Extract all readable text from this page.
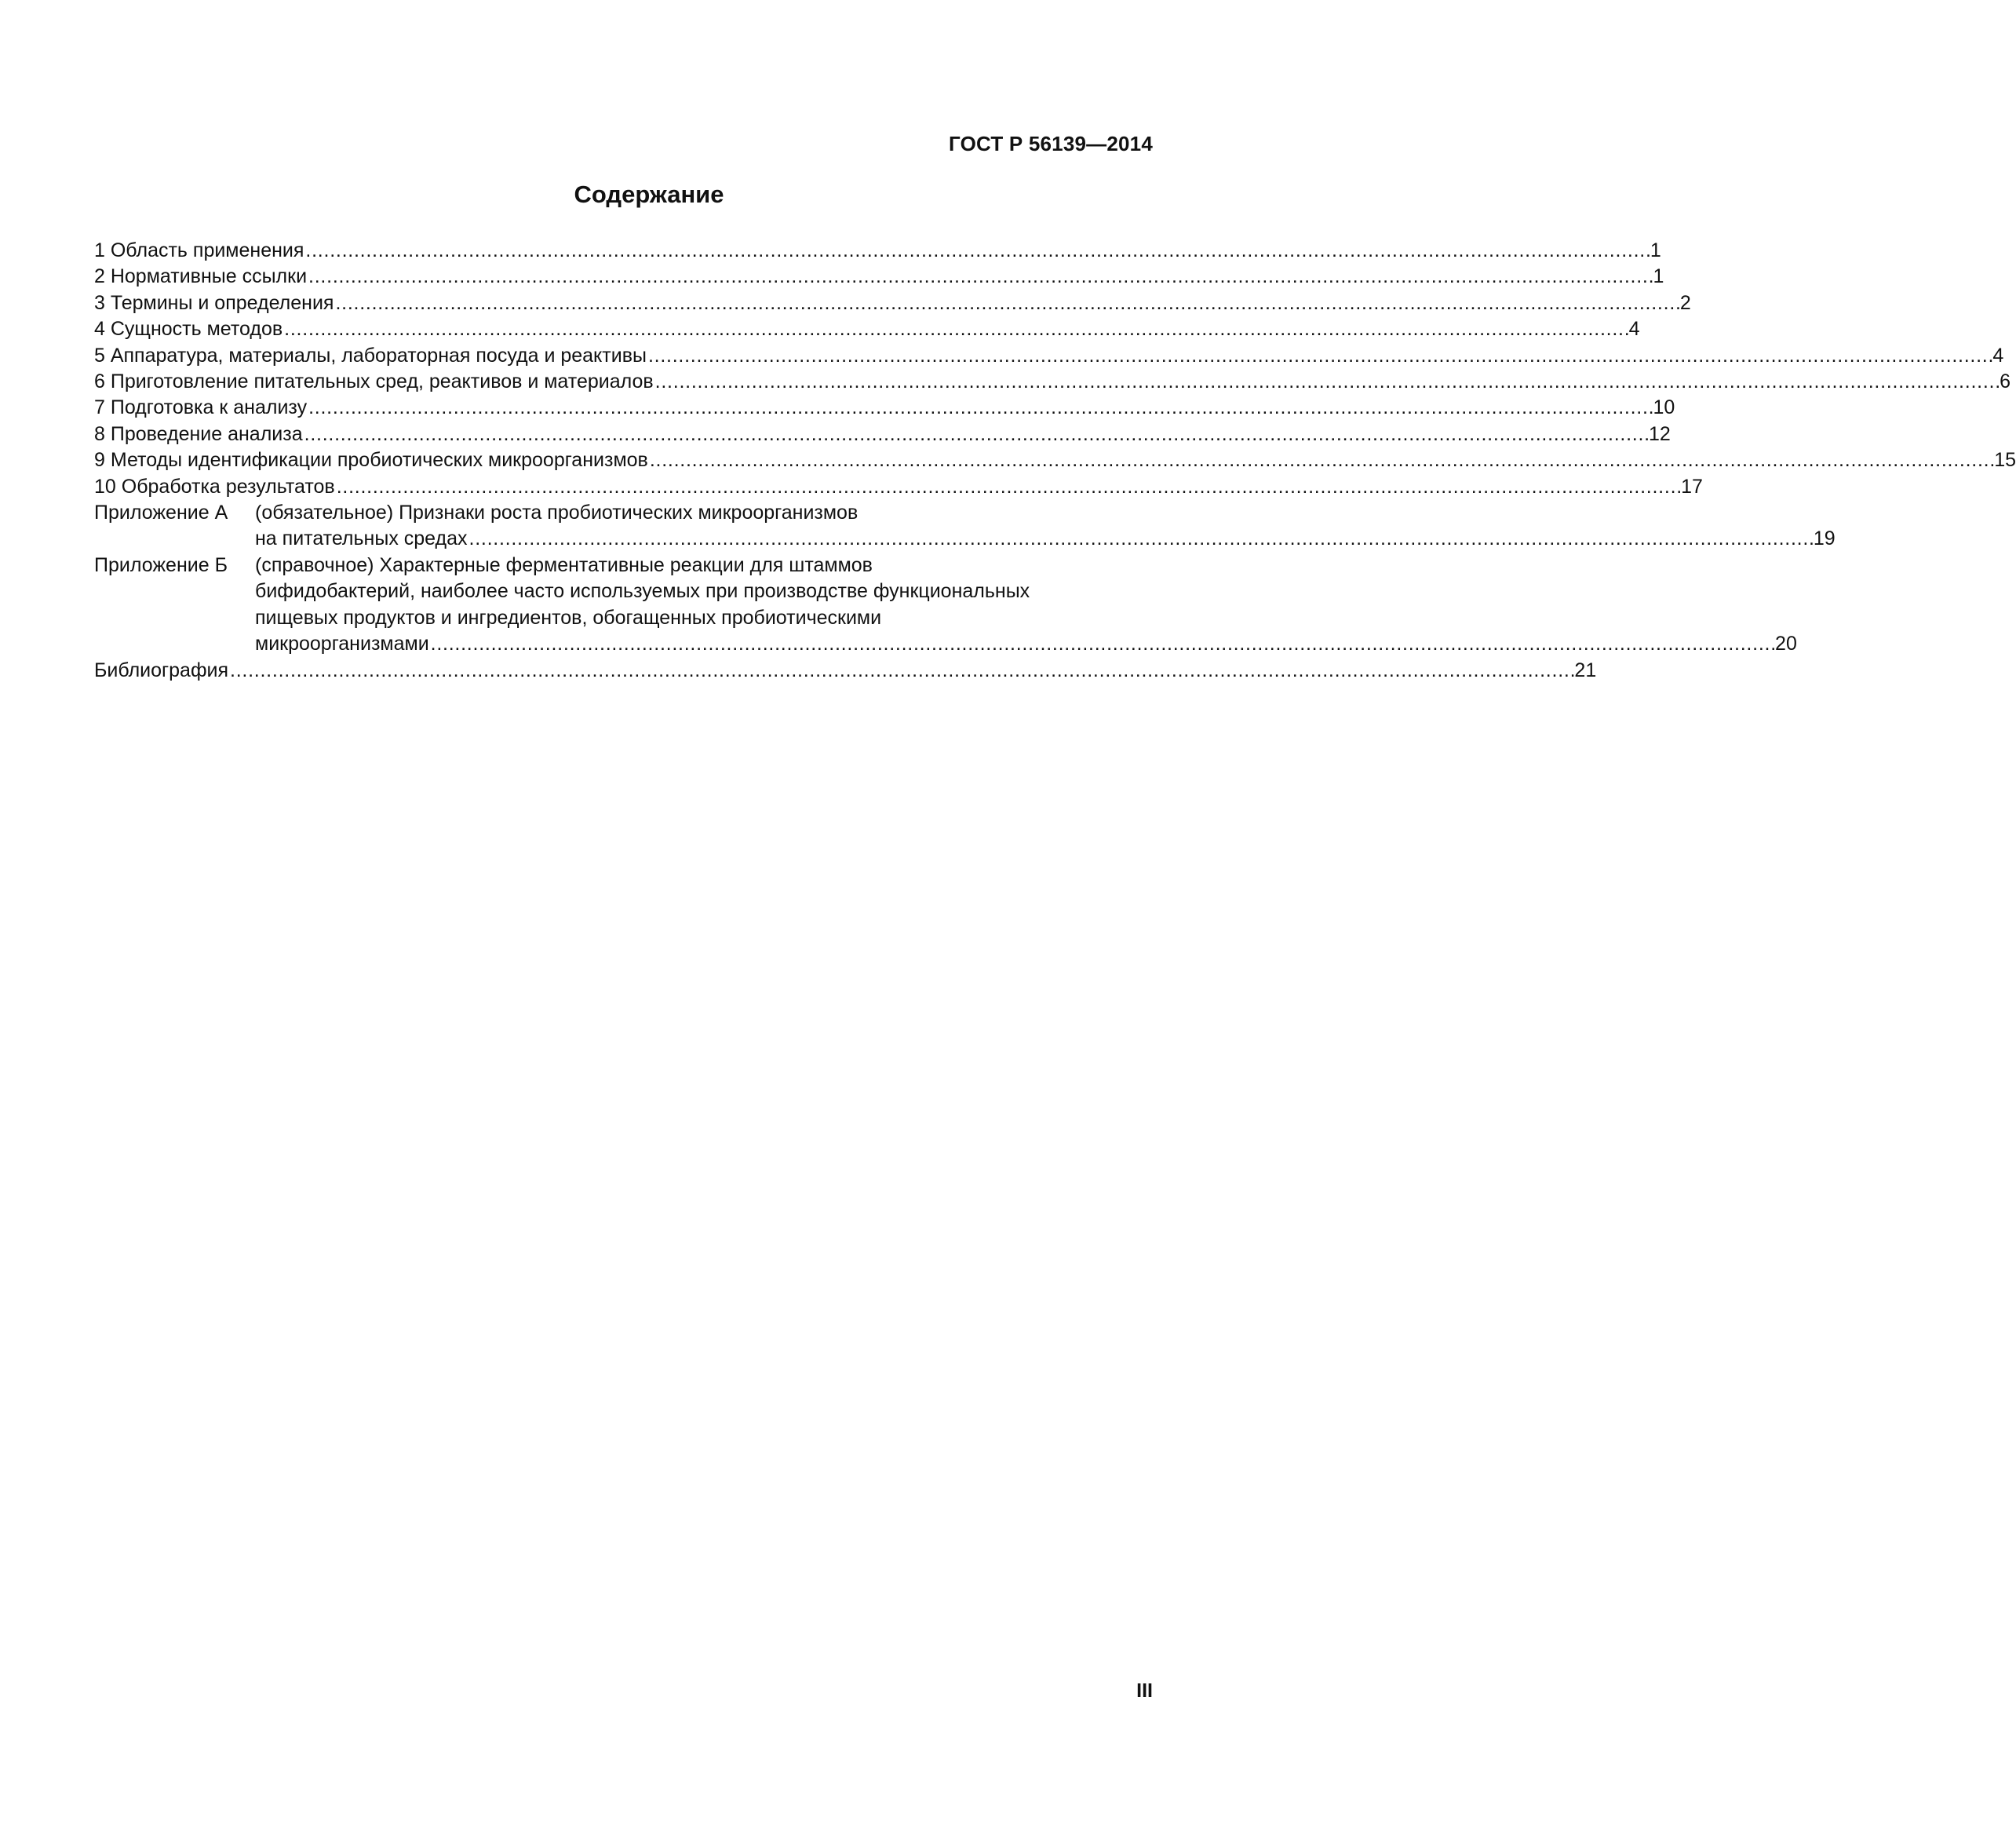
ГОСТ Р 56139—2014
Содержание
1 Область применения . . .	1
2 Нормативные ссылки . . .	1
3 Термины и определения . . .	2
4 Сущность методов . . .	4
5 Аппаратура, материалы, лабораторная посуда и реактивы . . .	4
6 Приготовление питательных сред, реактивов и материалов . . .	6
7 Подготовка к анализу . . .	10
8 Проведение анализа . . .	12
9 Методы идентификации пробиотических микроорганизмов . . .	15
10 Обработка результатов . . .	17
Приложение А	(обязательное) Признаки роста пробиотических микроорганизмов
на питательных средах . . .	19
Приложение Б	(справочное) Характерные ферментативные реакции для штаммов
бифидобактерий, наиболее часто используемых при производстве функциональных
пищевых продуктов и ингредиентов, обогащенных пробиотическими
микроорганизмами . . .	20
Библиография . . .	21
III
